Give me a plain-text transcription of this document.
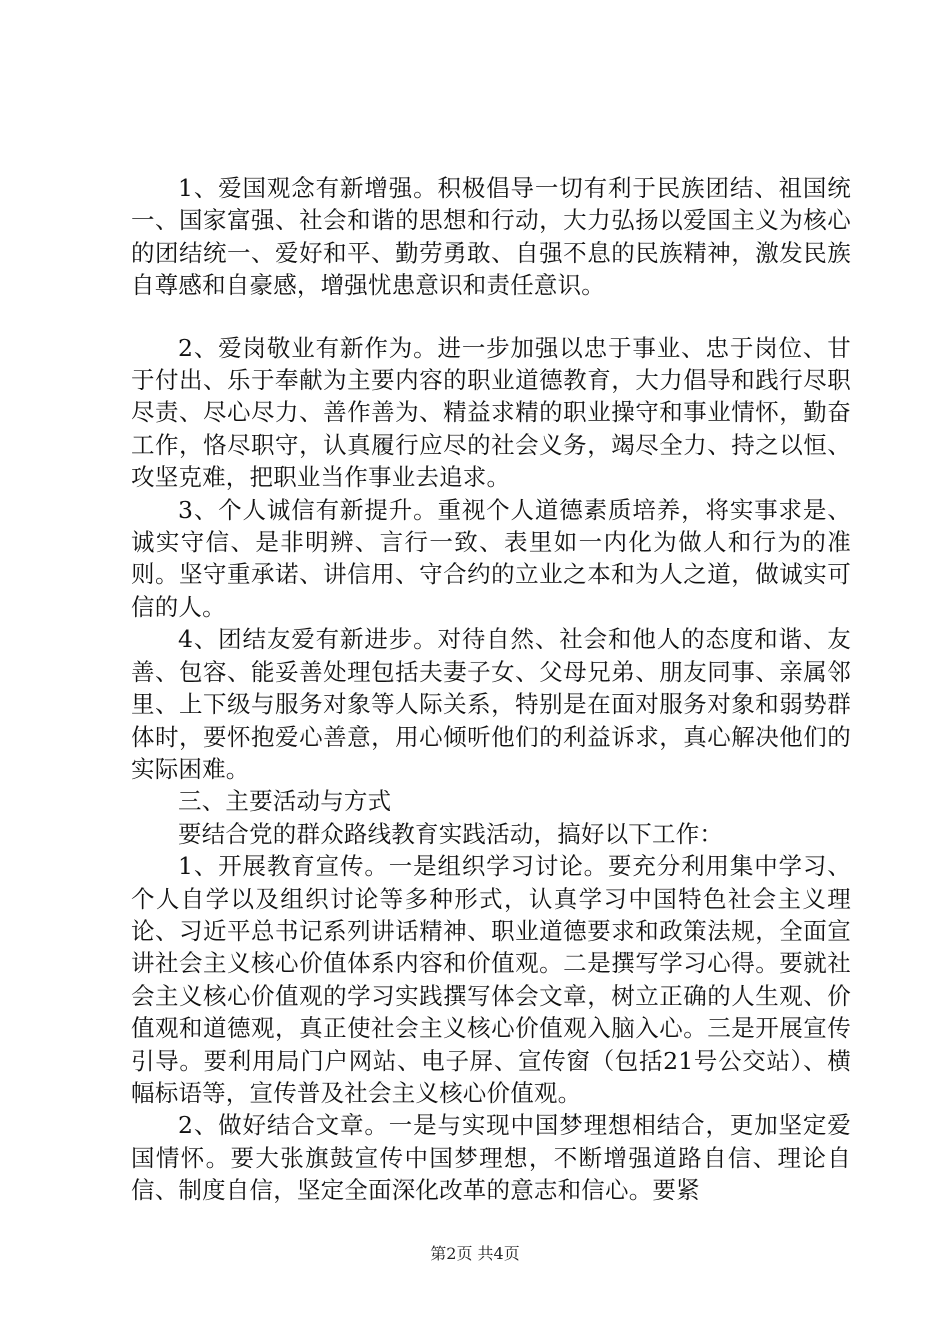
1、爱国观念有新增强。积极倡导一切有利于民族团结、祖国统一、国家富强、社会和谐的思想和行动，大力弘扬以爱国主义为核心的团结统一、爱好和平、勤劳勇敢、自强不息的民族精神，激发民族自尊感和自豪感，增强忧患意识和责任意识。

2、爱岗敬业有新作为。进一步加强以忠于事业、忠于岗位、甘于付出、乐于奉献为主要内容的职业道德教育，大力倡导和践行尽职尽责、尽心尽力、善作善为、精益求精的职业操守和事业情怀，勤奋工作，恪尽职守，认真履行应尽的社会义务，竭尽全力、持之以恒、攻坚克难，把职业当作事业去追求。

3、个人诚信有新提升。重视个人道德素质培养，将实事求是、诚实守信、是非明辨、言行一致、表里如一内化为做人和行为的准则。坚守重承诺、讲信用、守合约的立业之本和为人之道，做诚实可信的人。

4、团结友爱有新进步。对待自然、社会和他人的态度和谐、友善、包容、能妥善处理包括夫妻子女、父母兄弟、朋友同事、亲属邻里、上下级与服务对象等人际关系，特别是在面对服务对象和弱势群体时，要怀抱爱心善意，用心倾听他们的利益诉求，真心解决他们的实际困难。

三、主要活动与方式

要结合党的群众路线教育实践活动，搞好以下工作：

1、开展教育宣传。一是组织学习讨论。要充分利用集中学习、个人自学以及组织讨论等多种形式，认真学习中国特色社会主义理论、习近平总书记系列讲话精神、职业道德要求和政策法规，全面宣讲社会主义核心价值体系内容和价值观。二是撰写学习心得。要就社会主义核心价值观的学习实践撰写体会文章，树立正确的人生观、价值观和道德观，真正使社会主义核心价值观入脑入心。三是开展宣传引导。要利用局门户网站、电子屏、宣传窗（包括21号公交站）、横幅标语等，宣传普及社会主义核心价值观。

2、做好结合文章。一是与实现中国梦理想相结合，更加坚定爱国情怀。要大张旗鼓宣传中国梦理想，不断增强道路自信、理论自信、制度自信，坚定全面深化改革的意志和信心。要紧

第2页 共4页
